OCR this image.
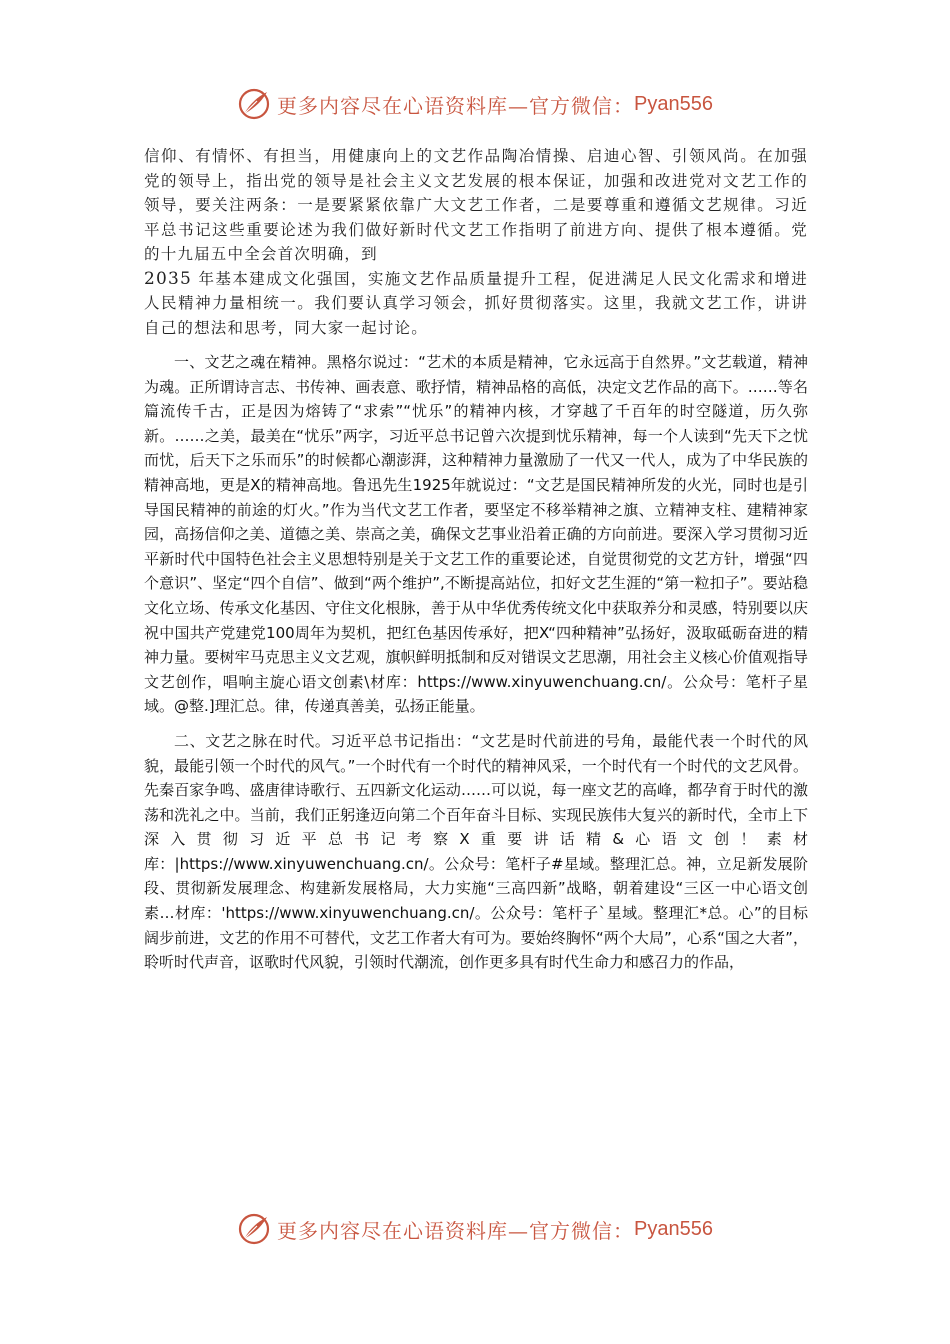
更多内容尽在心语资料库—官方微信： Pyan556

信仰、有情怀、有担当，用健康向上的文艺作品陶冶情操、启迪心智、引领风尚。在加强党的领导上，指出党的领导是社会主义文艺发展的根本保证，加强和改进党对文艺工作的领导，要关注两条：一是要紧紧依靠广大文艺工作者，二是要尊重和遵循文艺规律。习近平总书记这些重要论述为我们做好新时代文艺工作指明了前进方向、提供了根本遵循。党的十九届五中全会首次明确，到
2035 年基本建成文化强国，实施文艺作品质量提升工程，促进满足人民文化需求和增进人民精神力量相统一。我们要认真学习领会，抓好贯彻落实。这里，我就文艺工作，讲讲自己的想法和思考，同大家一起讨论。

一、文艺之魂在精神。黑格尔说过：“艺术的本质是精神，它永远高于自然界。”文艺载道，精神为魂。正所谓诗言志、书传神、画表意、歌抒情，精神品格的高低，决定文艺作品的高下。……等名篇流传千古，正是因为熔铸了“求索”“忧乐”的精神内核，才穿越了千百年的时空隧道，历久弥新。……之美，最美在“忧乐”两字，习近平总书记曾六次提到忧乐精神，每一个人读到“先天下之忧而忧，后天下之乐而乐”的时候都心潮澎湃，这种精神力量激励了一代又一代人，成为了中华民族的精神高地，更是X的精神高地。鲁迅先生1925年就说过：“文艺是国民精神所发的火光，同时也是引导国民精神的前途的灯火。”作为当代文艺工作者，要坚定不移举精神之旗、立精神支柱、建精神家园，高扬信仰之美、道德之美、崇高之美，确保文艺事业沿着正确的方向前进。要深入学习贯彻习近平新时代中国特色社会主义思想特别是关于文艺工作的重要论述，自觉贯彻党的文艺方针，增强“四个意识”、坚定“四个自信”、做到“两个维护”,不断提高站位，扣好文艺生涯的“第一粒扣子”。要站稳文化立场、传承文化基因、守住文化根脉，善于从中华优秀传统文化中获取养分和灵感，特别要以庆祝中国共产党建党100周年为契机，把红色基因传承好，把X“四种精神”弘扬好，汲取砥砺奋进的精神力量。要树牢马克思主义文艺观，旗帜鲜明抵制和反对错误文艺思潮，用社会主义核心价值观指导文艺创作，唱响主旋心语文创素\材库：https://www.xinyuwenchuang.cn/。公众号：笔杆子星域。@整.]理汇总。律，传递真善美，弘扬正能量。

二、文艺之脉在时代。习近平总书记指出：“文艺是时代前进的号角，最能代表一个时代的风貌，最能引领一个时代的风气。”一个时代有一个时代的精神风采，一个时代有一个时代的文艺风骨。先秦百家争鸣、盛唐律诗歌行、五四新文化运动……可以说，每一座文艺的高峰，都孕育于时代的激荡和洗礼之中。当前，我们正躬逢迈向第二个百年奋斗目标、实现民族伟大复兴的新时代，全市上下深入贯彻习近平总书记考察X重要讲话精&心语文创！素材库：|https://www.xinyuwenchuang.cn/。公众号：笔杆子#星域。整理汇总。神，立足新发展阶段、贯彻新发展理念、构建新发展格局，大力实施“三高四新”战略，朝着建设“三区一中心语文创素…材库：'https://www.xinyuwenchuang.cn/。公众号：笔杆子`星域。整理汇*总。心”的目标阔步前进，文艺的作用不可替代，文艺工作者大有可为。要始终胸怀“两个大局”，心系“国之大者”，聆听时代声音，讴歌时代风貌，引领时代潮流，创作更多具有时代生命力和感召力的作品，

更多内容尽在心语资料库—官方微信： Pyan556
